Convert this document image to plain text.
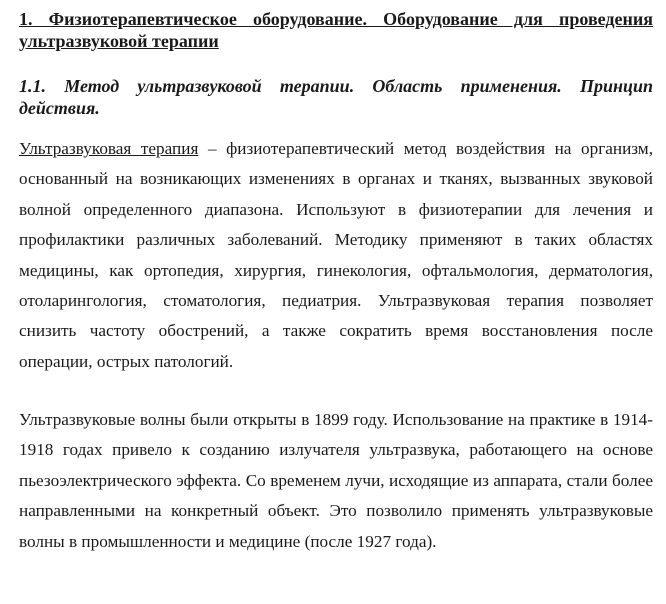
1. Физиотерапевтическое оборудование. Оборудование для проведения ультразвуковой терапии
1.1. Метод ультразвуковой терапии. Область применения. Принцип действия.

Ультразвуковая терапия – физиотерапевтический метод воздействия на организм, основанный на возникающих изменениях в органах и тканях, вызванных звуковой волной определенного диапазона. Используют в физиотерапии для лечения и профилактики различных заболеваний. Методику применяют в таких областях медицины, как ортопедия, хирургия, гинекология, офтальмология, дерматология, отоларингология, стоматология, педиатрия. Ультразвуковая терапия позволяет снизить частоту обострений, а также сократить время восстановления после операции, острых патологий.

Ультразвуковые волны были открыты в 1899 году. Использование на практике в 1914-1918 годах привело к созданию излучателя ультразвука, работающего на основе пьезоэлектрического эффекта. Со временем лучи, исходящие из аппарата, стали более направленными на конкретный объект. Это позволило применять ультразвуковые волны в промышленности и медицине (после 1927 года).
